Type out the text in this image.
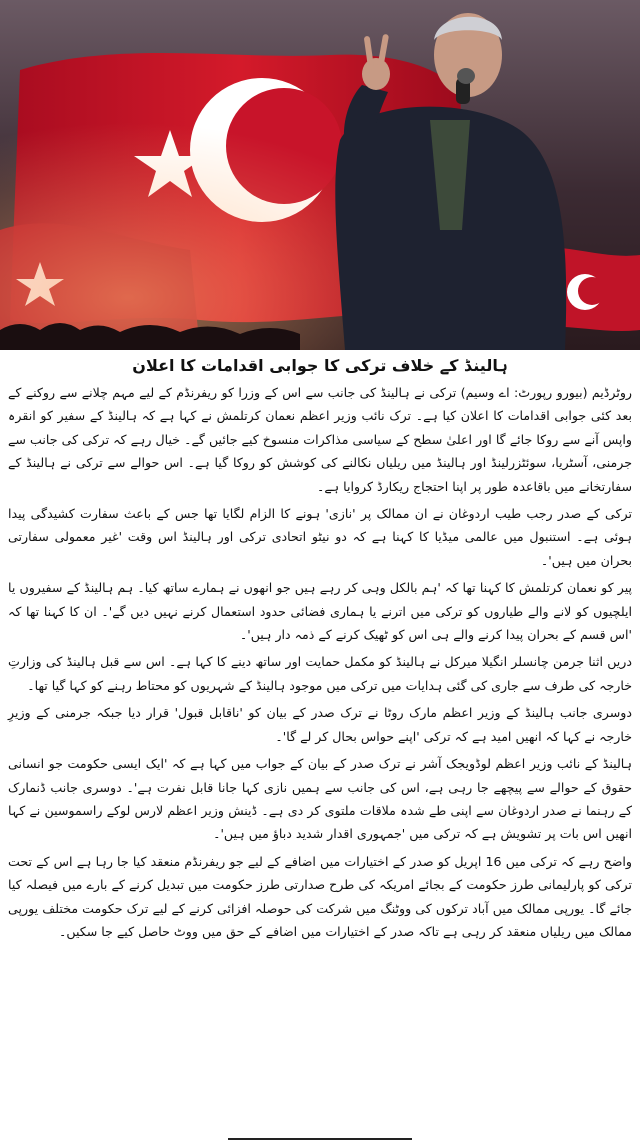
ہالینڈ کے خلاف ترکی کا جوابی اقدامات کا اعلان

روٹرڈیم (بیورو رپورٹ: اے وسیم) ترکی نے ہالینڈ کی جانب سے اس کے وزرا کو ریفرنڈم کے لیے مہم چلانے سے روکنے کے بعد کئی جوابی اقدامات کا اعلان کیا ہے۔ ترک نائب وزیر اعظم نعمان کرتلمش نے کہا ہے کہ ہالینڈ کے سفیر کو انقرہ واپس آنے سے روکا جائے گا اور اعلیٰ سطح کے سیاسی مذاکرات منسوخ کیے جائیں گے۔ خیال رہے کہ ترکی کی جانب سے جرمنی، آسٹریا، سوئٹزرلینڈ اور ہالینڈ میں ریلیاں نکالنے کی کوشش کو روکا گیا ہے۔ اس حوالے سے ترکی نے ہالینڈ کے سفارتخانے میں باقاعدہ طور پر اپنا احتجاج ریکارڈ کروایا ہے۔

ترکی کے صدر رجب طیب اردوغان نے ان ممالک پر 'نازی' ہونے کا الزام لگایا تھا جس کے باعث سفارت کشیدگی پیدا ہوئی ہے۔ استنبول میں عالمی میڈیا کا کہنا ہے کہ دو نیٹو اتحادی ترکی اور ہالینڈ اس وقت 'غیر معمولی سفارتی بحران میں ہیں'۔

پیر کو نعمان کرتلمش کا کہنا تھا کہ 'ہم بالکل وہی کر رہے ہیں جو انھوں نے ہمارے ساتھ کیا۔ ہم ہالینڈ کے سفیروں یا ایلچیوں کو لانے والے طیاروں کو ترکی میں اترنے یا ہماری فضائی حدود استعمال کرنے نہیں دیں گے'۔ ان کا کہنا تھا کہ 'اس قسم کے بحران پیدا کرنے والے ہی اس کو ٹھیک کرنے کے ذمہ دار ہیں'۔

دریں اثنا جرمن چانسلر انگیلا میرکل نے ہالینڈ کو مکمل حمایت اور ساتھ دینے کا کہا ہے۔ اس سے قبل ہالینڈ کی وزارتِ خارجہ کی طرف سے جاری کی گئی ہدایات میں ترکی میں موجود ہالینڈ کے شہریوں کو محتاط رہنے کو کہا گیا تھا۔

دوسری جانب ہالینڈ کے وزیر اعظم مارک روٹا نے ترک صدر کے بیان کو 'ناقابل قبول' قرار دیا جبکہ جرمنی کے وزیرِ خارجہ نے کہا کہ انھیں امید ہے کہ ترکی 'اپنے حواس بحال کر لے گا'۔

ہالینڈ کے نائب وزیر اعظم لوڈویجک آشر نے ترک صدر کے بیان کے جواب میں کہا ہے کہ 'ایک ایسی حکومت جو انسانی حقوق کے حوالے سے پیچھے جا رہی ہے، اس کی جانب سے ہمیں نازی کہا جانا قابل نفرت ہے'۔ دوسری جانب ڈنمارک کے رہنما نے صدر اردوغان سے اپنی طے شدہ ملاقات ملتوی کر دی ہے۔ ڈینش وزیر اعظم لارس لوکے راسموسین نے کہا انھیں اس بات پر تشویش ہے کہ ترکی میں 'جمہوری اقدار شدید دباؤ میں ہیں'۔

واضح رہے کہ ترکی میں 16 اپریل کو صدر کے اختیارات میں اضافے کے لیے جو ریفرنڈم منعقد کیا جا رہا ہے اس کے تحت ترکی کو پارلیمانی طرز حکومت کے بجائے امریکہ کی طرح صدارتی طرز حکومت میں تبدیل کرنے کے بارے میں فیصلہ کیا جائے گا۔ یورپی ممالک میں آباد ترکوں کی ووٹنگ میں شرکت کی حوصلہ افزائی کرنے کے لیے ترک حکومت مختلف یورپی ممالک میں ریلیاں منعقد کر رہی ہے تاکہ صدر کے اختیارات میں اضافے کے حق میں ووٹ حاصل کیے جا سکیں۔
